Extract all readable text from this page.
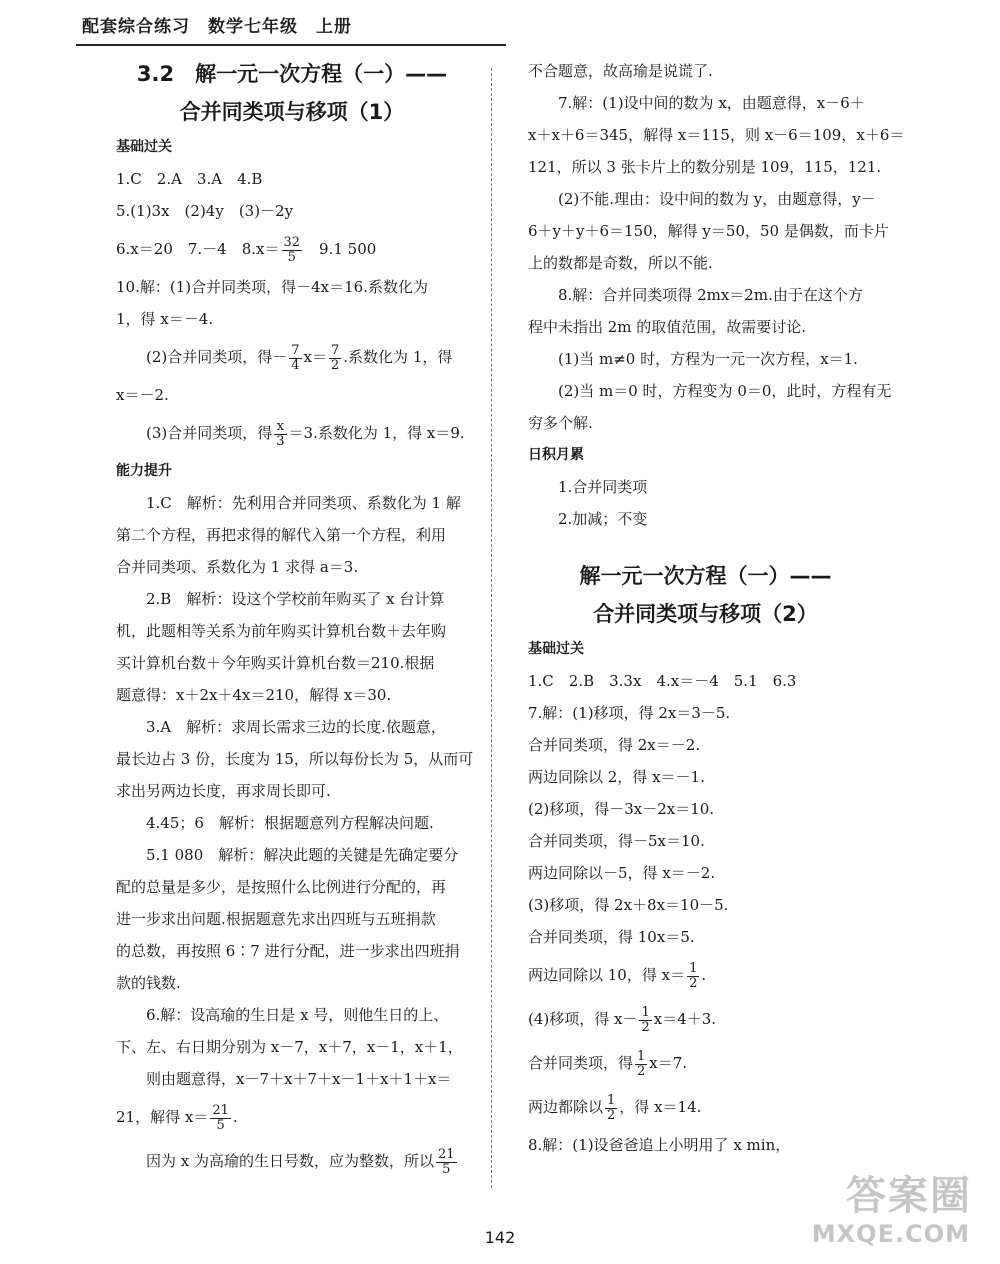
配套综合练习　数学七年级　上册
3.2　解一元一次方程（一）——
合并同类项与移项（1）
基础过关
1.C　2.A　3.A　4.B
5.(1)3x　(2)4y　(3)－2y
6.x＝20　7.－4　$8.x= \frac{32}{5}$ 　9.1 500
10.解：(1)合并同类项，得－4x＝16.系数化为
1，得 x＝－4.
(2)合并同类项，得－ $\frac{7}{4} x= \frac{7}{2}$ .系数化为 1，得
x＝－2.
(3)合并同类项，得 $\frac{x}{3} =3$.系数化为 1，得 x＝9.
能力提升
1.C　解析：先利用合并同类项、系数化为 1 解
第二个方程，再把求得的解代入第一个方程，利用
合并同类项、系数化为 1 求得 a＝3.
2.B　解析：设这个学校前年购买了 x 台计算
机，此题相等关系为前年购买计算机台数＋去年购
买计算机台数＋今年购买计算机台数＝210.根据
题意得：x＋2x＋4x＝210，解得 x＝30.
3.A　解析：求周长需求三边的长度.依题意，
最长边占 3 份，长度为 15，所以每份长为 5，从而可
求出另两边长度，再求周长即可.
4.45；6　解析：根据题意列方程解决问题.
5.1 080　解析：解决此题的关键是先确定要分
配的总量是多少，是按照什么比例进行分配的，再
进一步求出问题.根据题意先求出四班与五班捐款
的总数，再按照 6∶7 进行分配，进一步求出四班捐
款的钱数.
6.解：设高瑜的生日是 x 号，则他生日的上、
下、左、右日期分别为 x－7，x＋7，x－1，x＋1，
则由题意得，x－7＋x＋7＋x－1＋x＋1＋x＝
21，解得 $x= \frac{21}{5}$ .
因为 x 为高瑜的生日号数，应为整数，所以 $\frac{21}{5}$
不合题意，故高瑜是说谎了.
7.解：(1)设中间的数为 x，由题意得，x－6＋
x＋x＋6＝345，解得 x＝115，则 x－6＝109，x＋6＝
121，所以 3 张卡片上的数分别是 109，115，121.
(2)不能.理由：设中间的数为 y，由题意得，y－
6＋y＋y＋6＝150，解得 y＝50，50 是偶数，而卡片
上的数都是奇数，所以不能.
8.解：合并同类项得 2mx＝2m.由于在这个方
程中未指出 2m 的取值范围，故需要讨论.
(1)当 m≠0 时，方程为一元一次方程，x＝1.
(2)当 m＝0 时，方程变为 0＝0，此时，方程有无
穷多个解.
日积月累
1.合并同类项
2.加减；不变
解一元一次方程（一）——
合并同类项与移项（2）
基础过关
1.C　2.B　3.3x　4.x＝－4　5.1　6.3
7.解：(1)移项，得 2x＝3－5.
合并同类项，得 2x＝－2.
两边同除以 2，得 x＝－1.
(2)移项，得－3x－2x＝10.
合并同类项，得－5x＝10.
两边同除以－5，得 x＝－2.
(3)移项，得 2x＋8x＝10－5.
合并同类项，得 10x＝5.
两边同除以 10，得 $x= \frac{1}{2}$ .
(4)移项，得 $x- \frac{1}{2} x=4+3$.
合并同类项，得 $\frac{1}{2} x=7$.
两边都除以 $\frac{1}{2}$ ，得 x＝14.
8.解：(1)设爸爸追上小明用了 x min，
142
答案圈
MXQE.COM
